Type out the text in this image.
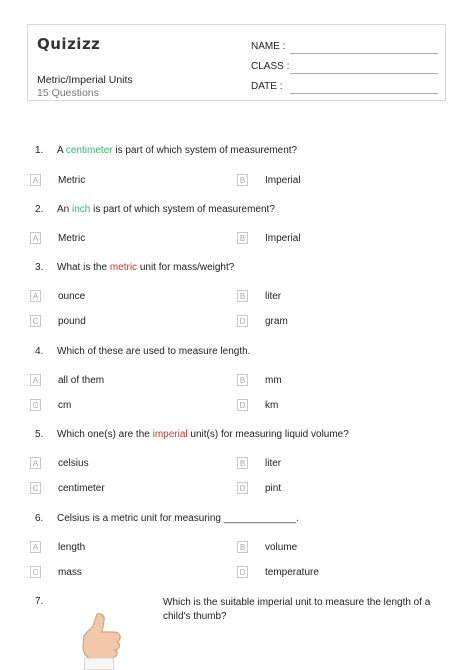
Quizizz
Metric/Imperial Units
15 Questions
NAME :
CLASS :
DATE :
1. A centimeter is part of which system of measurement?
A Metric	B Imperial
2. An inch is part of which system of measurement?
A Metric	B Imperial
3. What is the metric unit for mass/weight?
A ounce	B liter
C pound	D gram
4. Which of these are used to measure length.
A all of them	B mm
C cm	D km
5. Which one(s) are the imperial unit(s) for measuring liquid volume?
A celsius	B liter
C centimeter	D pint
6. Celsius is a metric unit for measuring _____________.
A length	B volume
C mass	D temperature
7.	Which is the suitable imperial unit to measure the length of a child's thumb?
